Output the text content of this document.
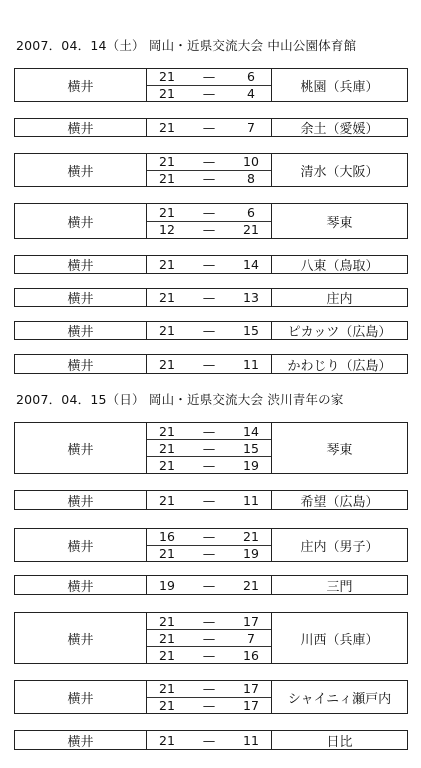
2007．04．14（土） 岡山・近県交流大会 中山公園体育館
横井
21	—	6
21	—	4	桃園（兵庫）
横井	21	—	7	余土（愛媛）
横井
21	—	10
21	—	8	清水（大阪）
横井
21	—	6
12	—	21	琴東
横井	21	—	14	八東（鳥取）
横井	21	—	13	庄内
横井	21	—	15	ピカッツ（広島）
横井	21	—	11	かわじり（広島）
2007．04．15（日） 岡山・近県交流大会 渋川青年の家
横井
21	—	14
21	—	15
21	—	19
琴東
横井	21	—	11	希望（広島）
横井
16	—	21
21	—	19	庄内（男子）
横井	19	—	21	三門
横井
21	—	17
21	—	7
21	—	16
川西（兵庫）
横井
21	—	17
21	—	17	シャイニィ瀬戸内
横井	21	—	11	日比
